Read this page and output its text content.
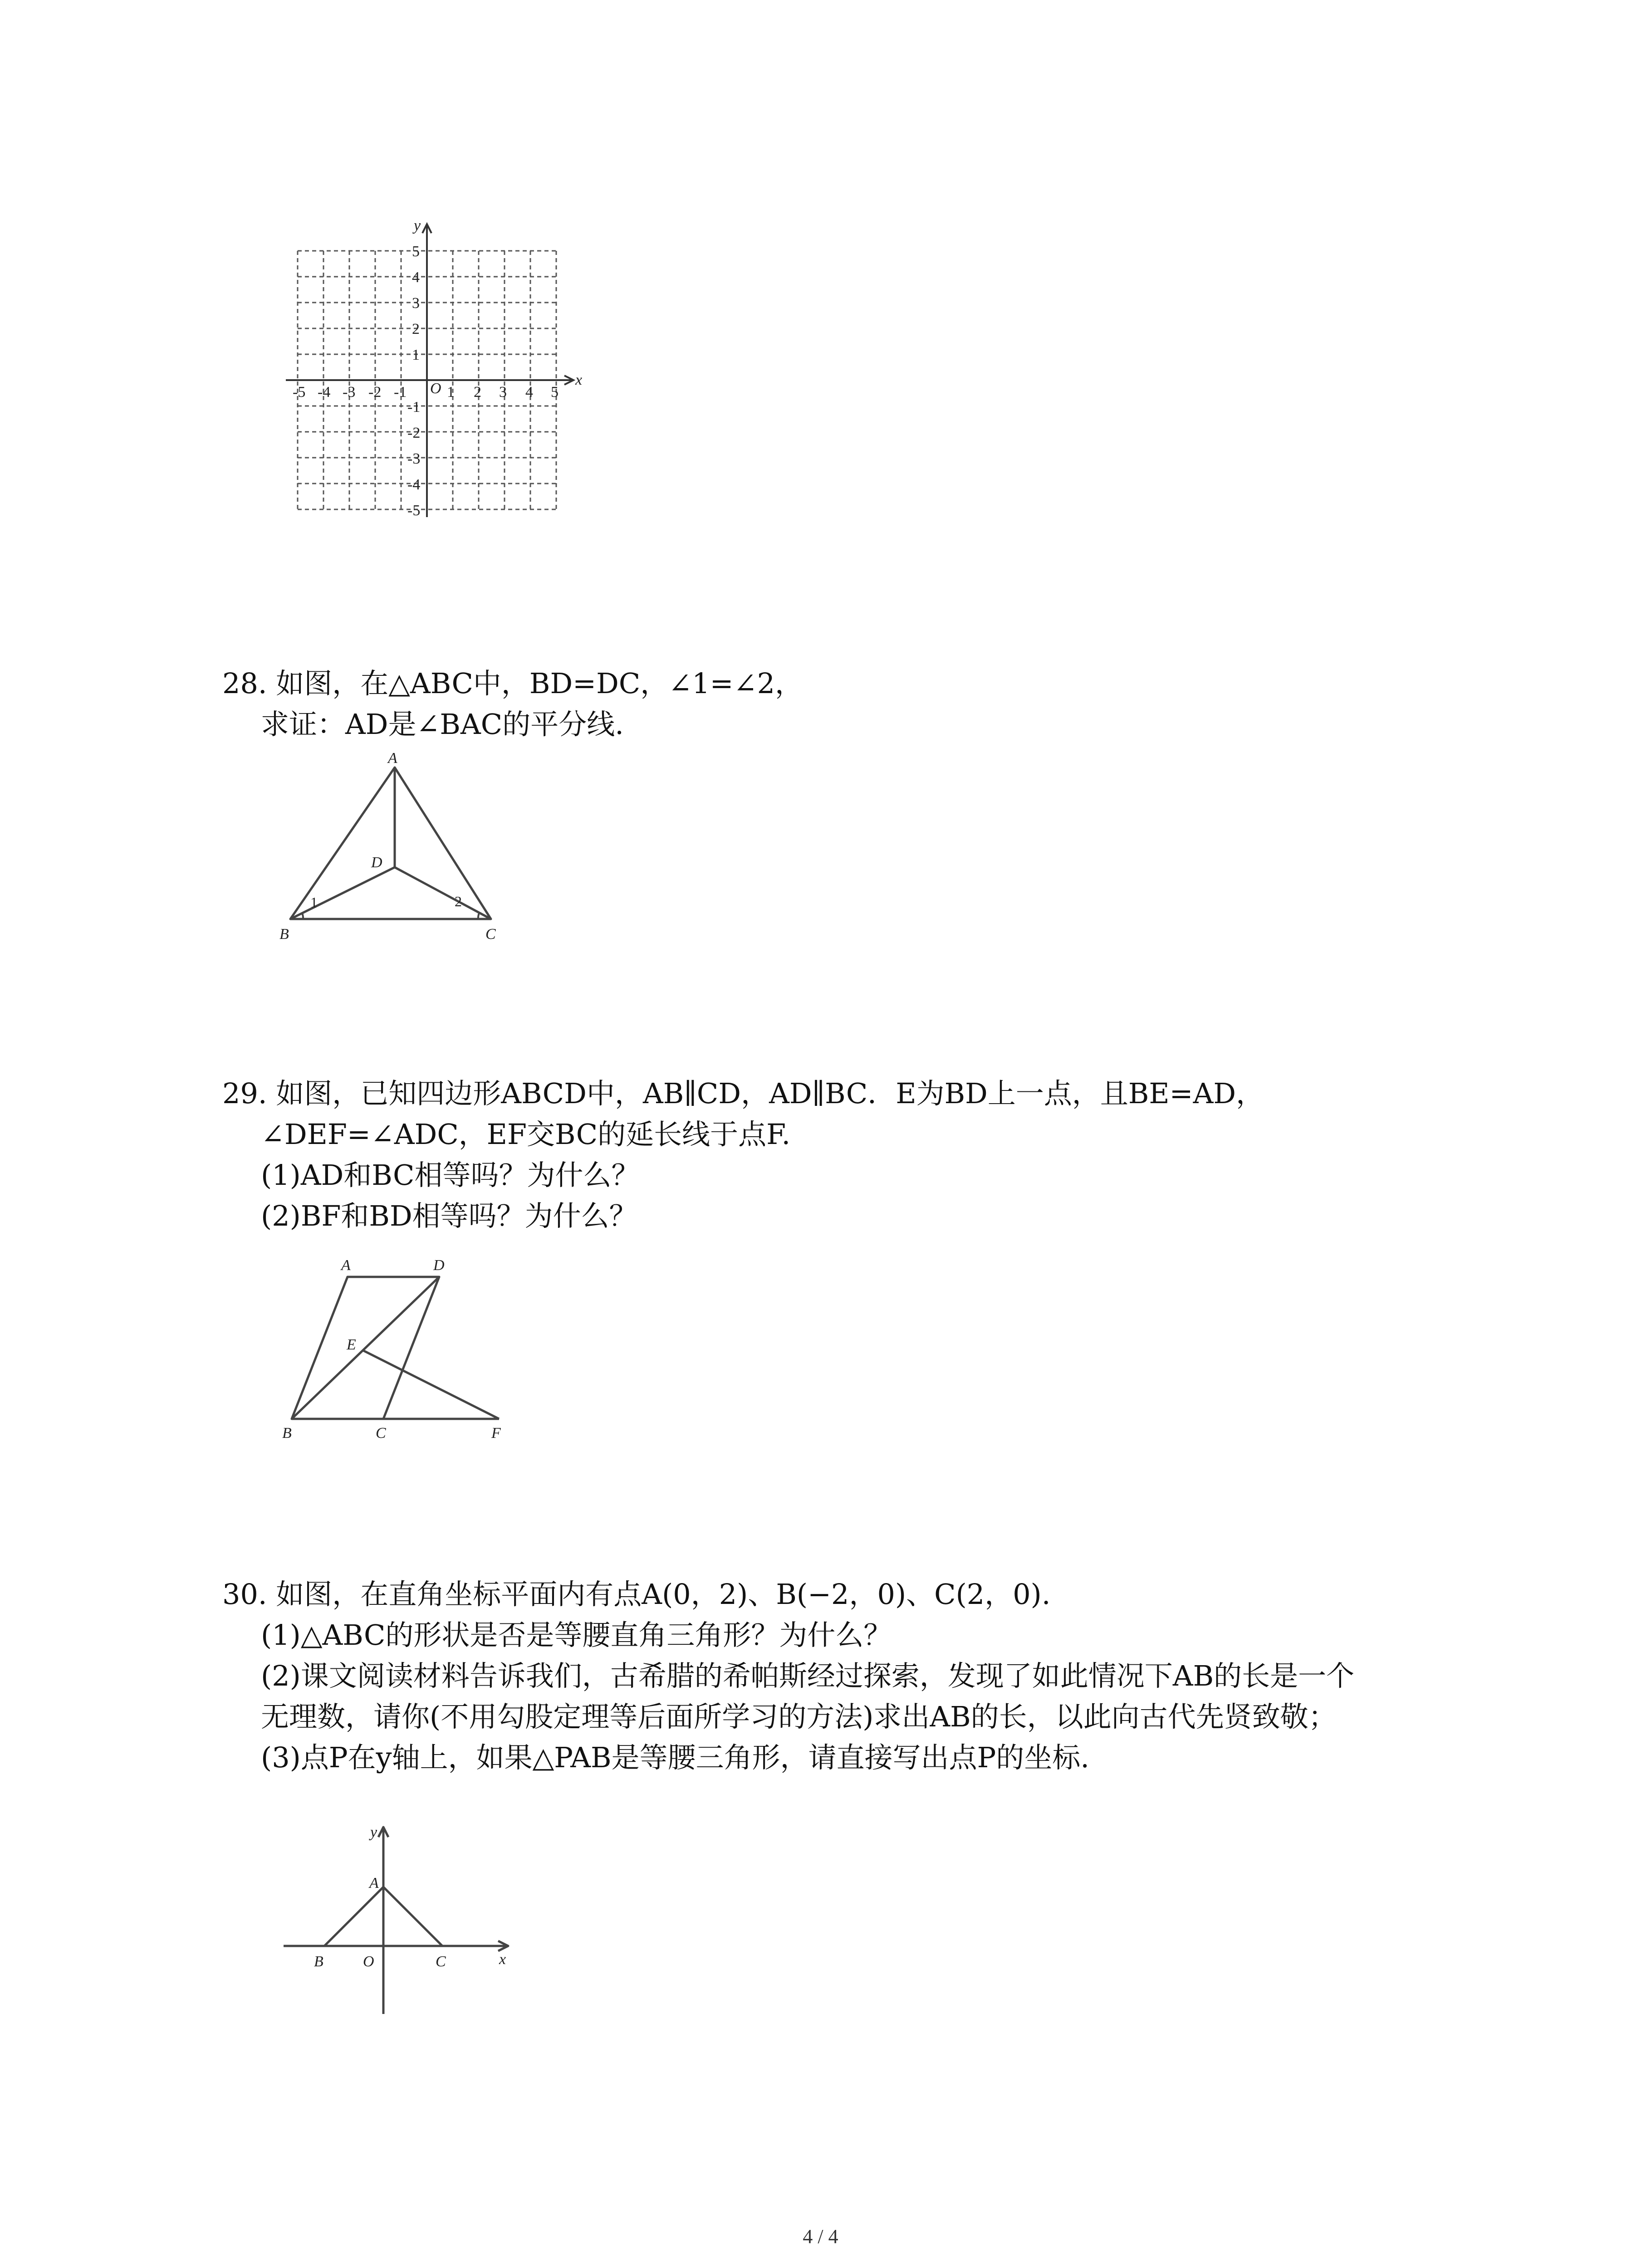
x
y
O
-5 -4 -3 -2 -1	1 2 3 4 5
5
4
3
2
1
-1
-2
-3
-4
-5
28. 如图，在△ABC中，BD=DC，∠1=∠2，
求证：AD是∠BAC的平分线.
A
B	C
D
1	2
29. 如图，已知四边形ABCD中，AB∥CD，AD∥BC．E为BD上一点，且BE=AD，
∠DEF=∠ADC，EF交BC的延长线于点F.
(1)AD和BC相等吗？为什么？
(2)BF和BD相等吗？为什么？
A	D
E
B	C	F
30. 如图，在直角坐标平面内有点A(0，2)、B(−2，0)、C(2，0).
(1)△ABC的形状是否是等腰直角三角形？为什么？
(2)课文阅读材料告诉我们，古希腊的希帕斯经过探索，发现了如此情况下AB的长是一个
无理数，请你(不用勾股定理等后面所学习的方法)求出AB的长，以此向古代先贤致敬；
(3)点P在y轴上，如果△PAB是等腰三角形，请直接写出点P的坐标.
y
A
B	O	C	x
4 / 4
